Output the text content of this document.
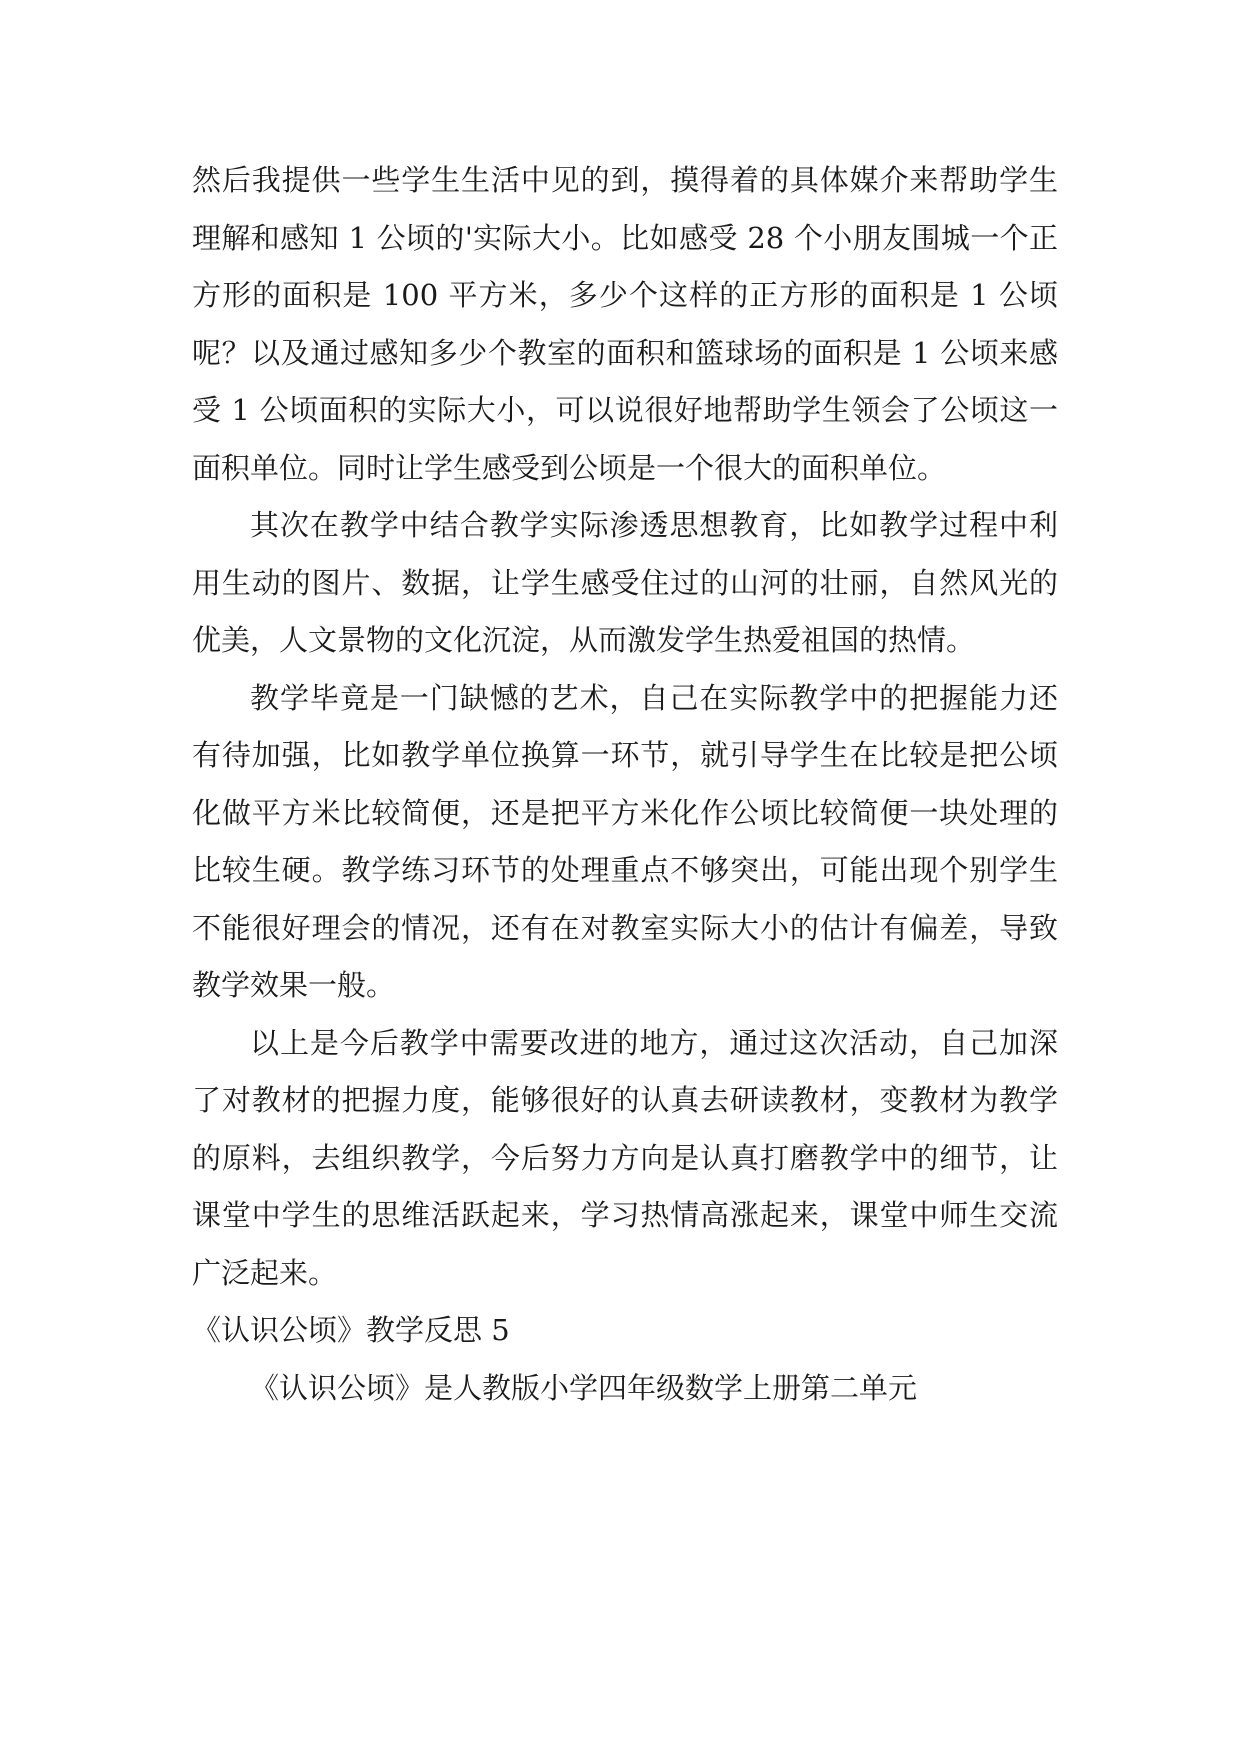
然后我提供一些学生生活中见的到，摸得着的具体媒介来帮助学生理解和感知 1 公顷的'实际大小。比如感受 28 个小朋友围城一个正方形的面积是 100 平方米，多少个这样的正方形的面积是 1 公顷呢？以及通过感知多少个教室的面积和篮球场的面积是 1 公顷来感受 1 公顷面积的实际大小，可以说很好地帮助学生领会了公顷这一面积单位。同时让学生感受到公顷是一个很大的面积单位。

其次在教学中结合教学实际渗透思想教育，比如教学过程中利用生动的图片、数据，让学生感受住过的山河的壮丽，自然风光的优美，人文景物的文化沉淀，从而激发学生热爱祖国的热情。

教学毕竟是一门缺憾的艺术，自己在实际教学中的把握能力还有待加强，比如教学单位换算一环节，就引导学生在比较是把公顷化做平方米比较简便，还是把平方米化作公顷比较简便一块处理的比较生硬。教学练习环节的处理重点不够突出，可能出现个别学生不能很好理会的情况，还有在对教室实际大小的估计有偏差，导致教学效果一般。

以上是今后教学中需要改进的地方，通过这次活动，自己加深了对教材的把握力度，能够很好的认真去研读教材，变教材为教学的原料，去组织教学，今后努力方向是认真打磨教学中的细节，让课堂中学生的思维活跃起来，学习热情高涨起来，课堂中师生交流广泛起来。

《认识公顷》教学反思 5

《认识公顷》是人教版小学四年级数学上册第二单元
